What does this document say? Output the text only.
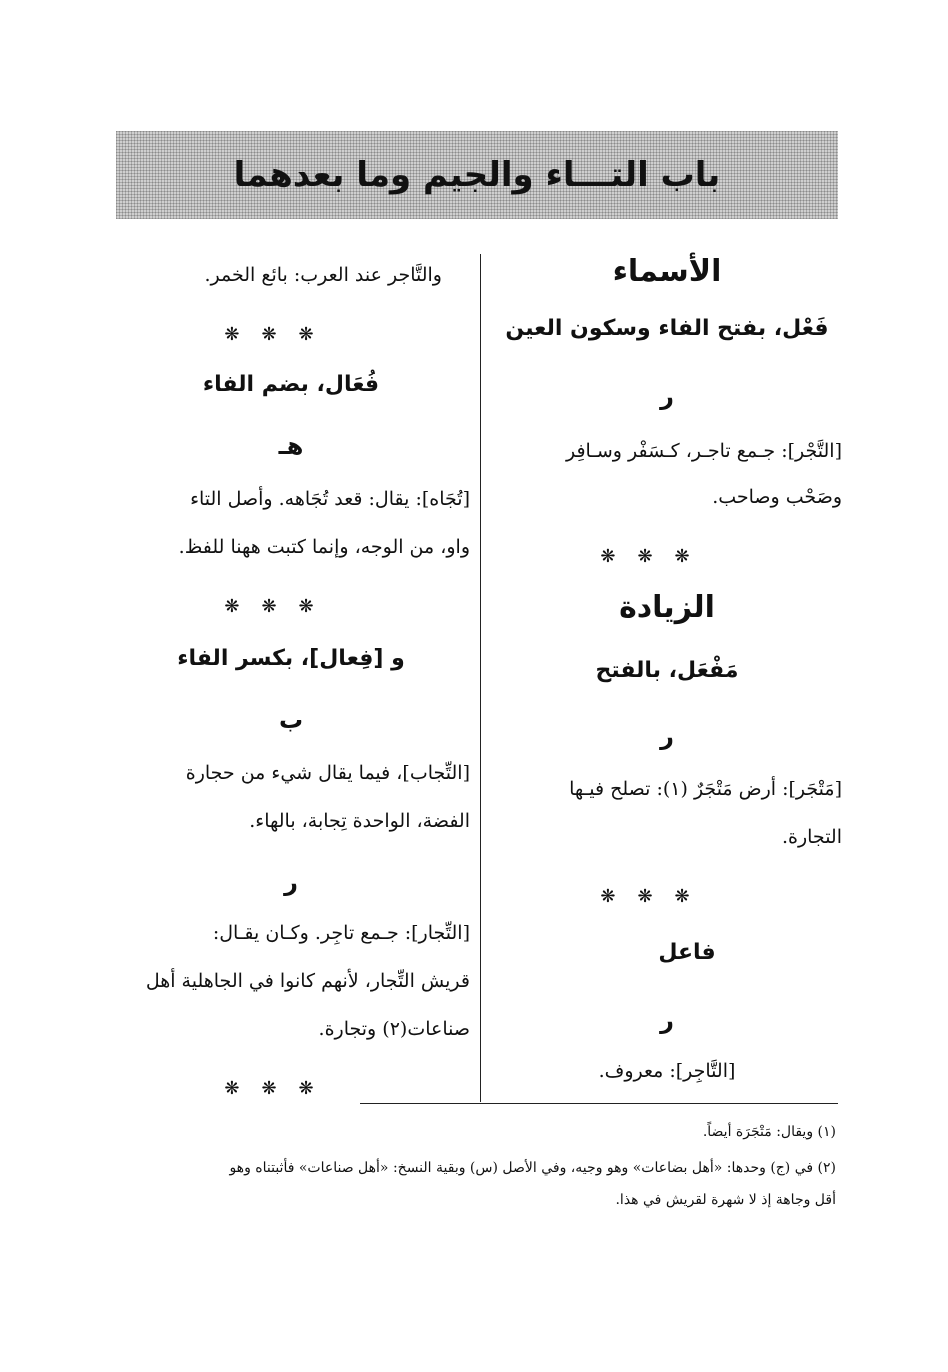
باب التـــاء والجيم وما بعدهما
الأسماء
فَعْل، بفتح الفاء وسكون العين
ر
[التَّجْر]: جـمع تاجـر، كـسَفْر وسـافِر
وصَحْب وصاحب.
❋❋❋
الزيادة
مَفْعَل، بالفتح
ر
[مَتْجَر]: أرض مَتْجَرٌ (١): تصلح فيـها
التجارة.
❋❋❋
فاعل
ر
[التَّاجِر]: معروف.
والتَّاجر عند العرب: بائع الخمر.
❋❋❋
فُعَال، بضم الفاء
هـ
[تُجَاه]: يقال: قعد تُجَاهه. وأصل التاء
واو، من الوجه، وإنما كتبت ههنا للفظ.
❋❋❋
و [فِعال]، بكسر الفاء
ب
[التِّجاب]، فيما يقال شيء من حجارة
الفضة، الواحدة تِجابة، بالهاء.
ر
[التِّجار]: جـمع تاجِر. وكـان يقـال:
قريش التِّجار، لأنهم كانوا في الجاهلية أهل
صناعات(٢) وتجارة.
❋❋❋
(١) ويقال: مَتْجَرَة أيضاً.
(٢) في (ج) وحدها: «أهل بضاعات» وهو وجيه، وفي الأصل (س) وبقية النسخ: «أهل صناعات» فأثبتناه وهو
أقل وجاهة إذ لا شهرة لقريش في هذا.
